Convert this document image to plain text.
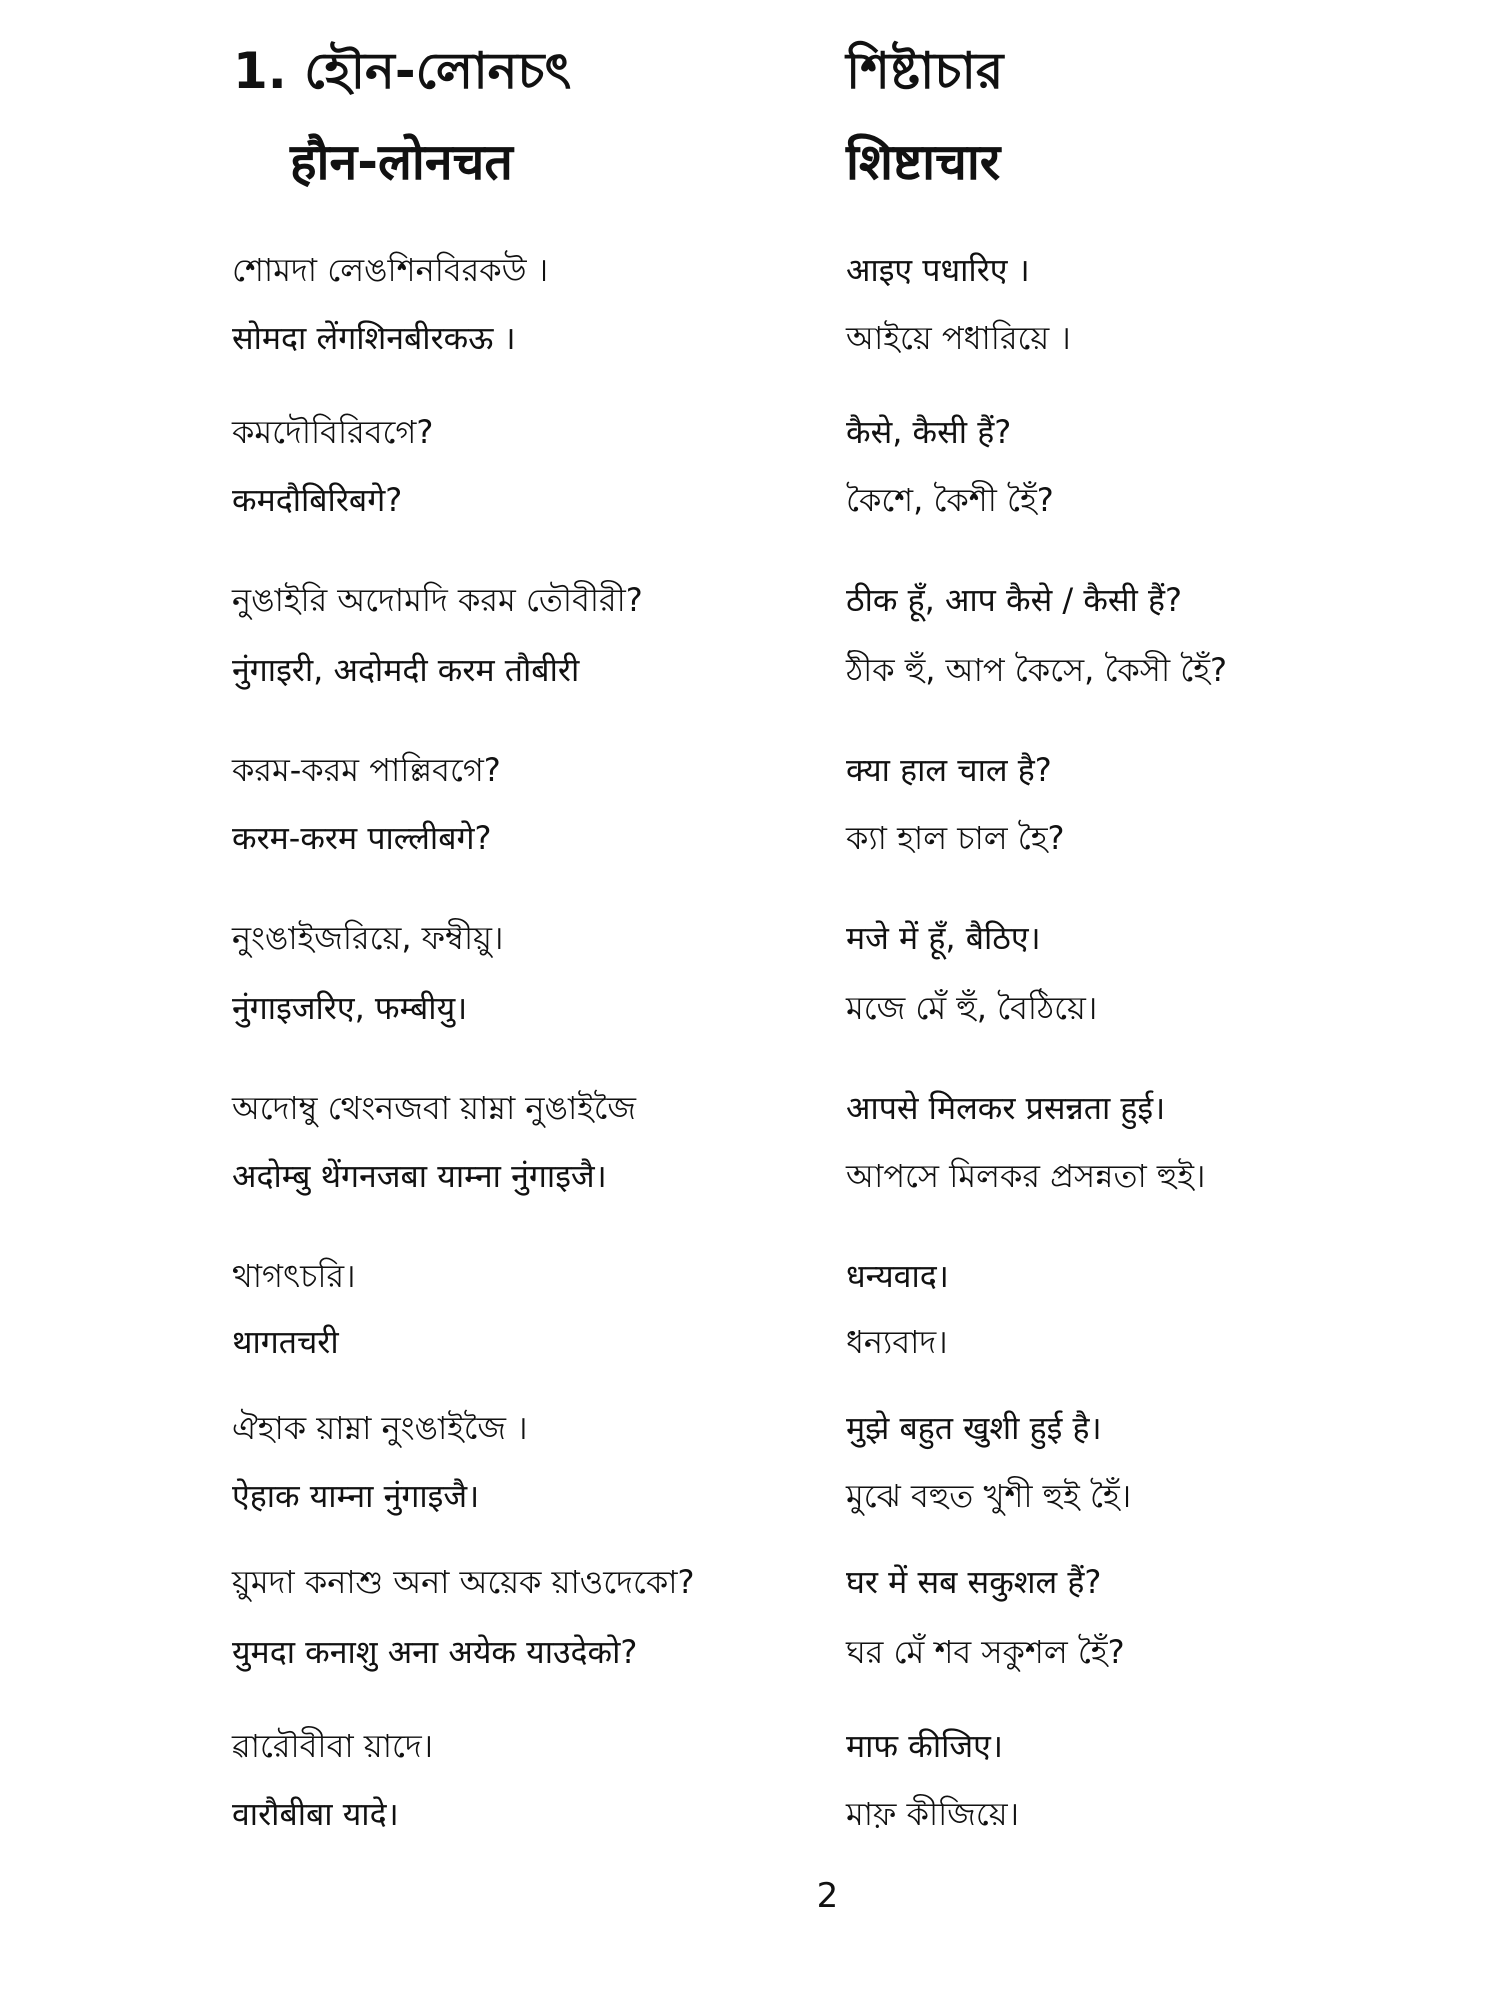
1. হৌন-লোনচৎ
हौन-लोनचत
শিষ্টাচার
शिष्टाचार
শোমদা লেঙশিনবিরকউ ।
सोमदा लेंगशिनबीरकऊ ।
आइए पधारिए ।
আইয়ে পধারিয়ে ।
কমদৌবিরিবগে?
कमदौबिरिबगे?
कैसे, कैसी हैं?
কৈশে, কৈশী হৈঁ?
নুঙাইরি অদোমদি করম তৌবীরী?
नुंगाइरी, अदोमदी करम तौबीरी
ठीक हूँ, आप कैसे / कैसी हैं?
ঠীক হুঁ, আপ কৈসে, কৈসী হৈঁ?
করম-করম পাল্লিবগে?
करम-करम पाल्लीबगे?
क्या हाल चाल है?
ক্যা হাল চাল হৈ?
নুংঙাইজরিয়ে, ফম্বীয়ু।
नुंगाइजरिए, फम्बीयु।
मजे में हूँ, बैठिए।
মজে মেঁ হুঁ, বৈঠিয়ে।
অদোম্বু থেংনজবা য়াম্না নুঙাইজৈ
अदोम्बु थेंगनजबा याम्ना नुंगाइजै।
आपसे मिलकर प्रसन्नता हुई।
আপসে মিলকর প্রসন্নতা হুই।
থাগৎচরি।
थागतचरी
धन्यवाद।
ধন্যবাদ।
ঐহাক য়াম্না নুংঙাইজৈ ।
ऐहाक याम्ना नुंगाइजै।
मुझे बहुत खुशी हुई है।
মুঝে বহুত খুশী হুই হৈঁ।
য়ুমদা কনাশু অনা অয়েক য়াওদেকো?
युमदा कनाशु अना अयेक याउदेको?
घर में सब सकुशल हैं?
ঘর মেঁ শব সকুশল হৈঁ?
ৱারৌবীবা য়াদে।
वारौबीबा यादे।
माफ कीजिए।
মাফ় কীজিয়ে।
2
